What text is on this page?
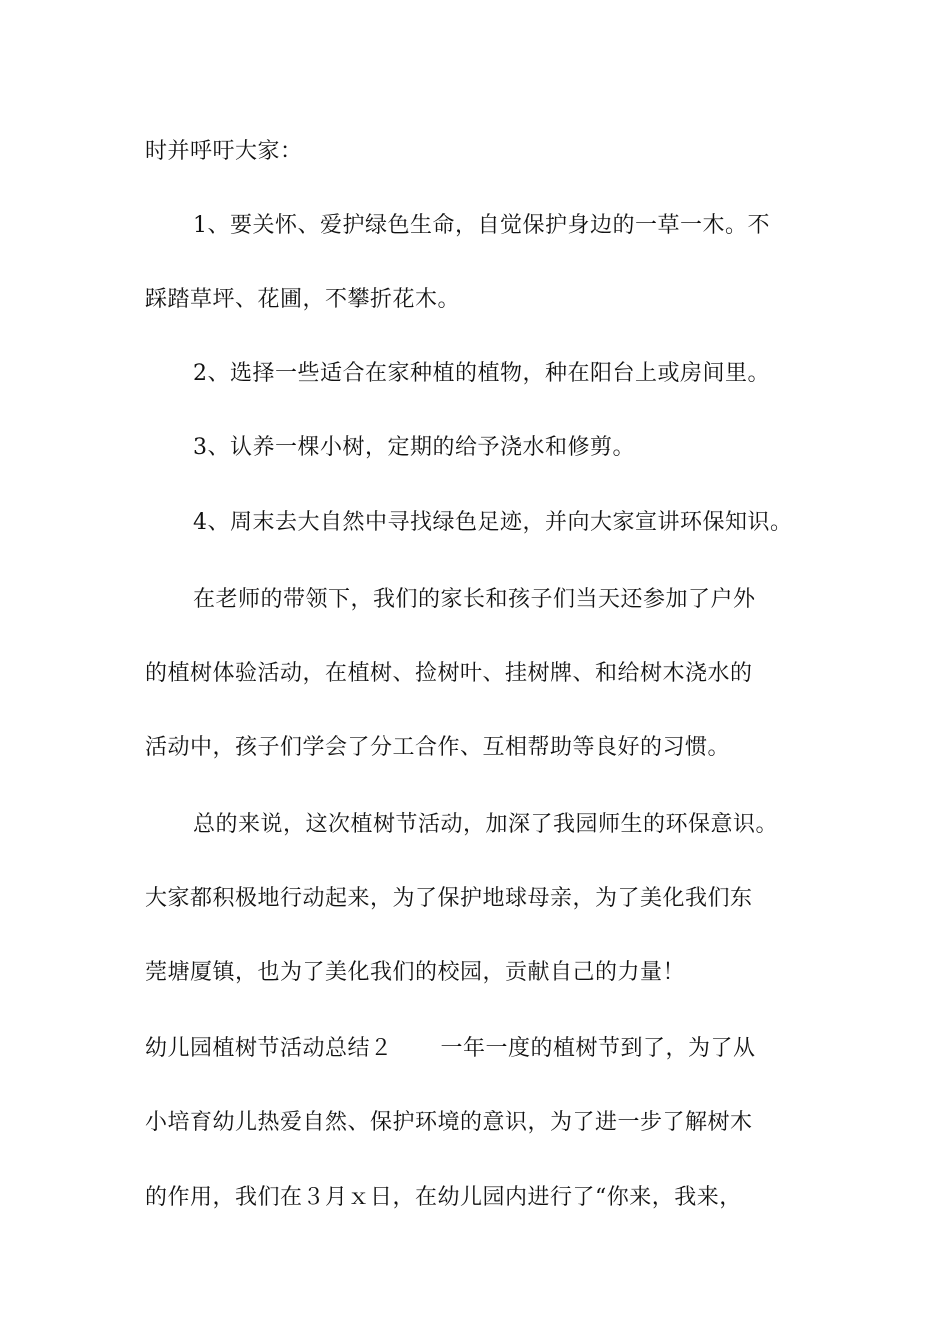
时并呼吁大家：

1、要关怀、爱护绿色生命，自觉保护身边的一草一木。不

踩踏草坪、花圃，不攀折花木。

2、选择一些适合在家种植的植物，种在阳台上或房间里。

3、认养一棵小树，定期的给予浇水和修剪。

4、周末去大自然中寻找绿色足迹，并向大家宣讲环保知识。

在老师的带领下，我们的家长和孩子们当天还参加了户外

的植树体验活动，在植树、捡树叶、挂树牌、和给树木浇水的

活动中，孩子们学会了分工合作、互相帮助等良好的习惯。

总的来说，这次植树节活动，加深了我园师生的环保意识。

大家都积极地行动起来，为了保护地球母亲，为了美化我们东

莞塘厦镇，也为了美化我们的校园，贡献自己的力量！

幼儿园植树节活动总结２ 一年一度的植树节到了，为了从

小培育幼儿热爱自然、保护环境的意识，为了进一步了解树木

的作用，我们在３月ｘ日，在幼儿园内进行了“你来，我来，
